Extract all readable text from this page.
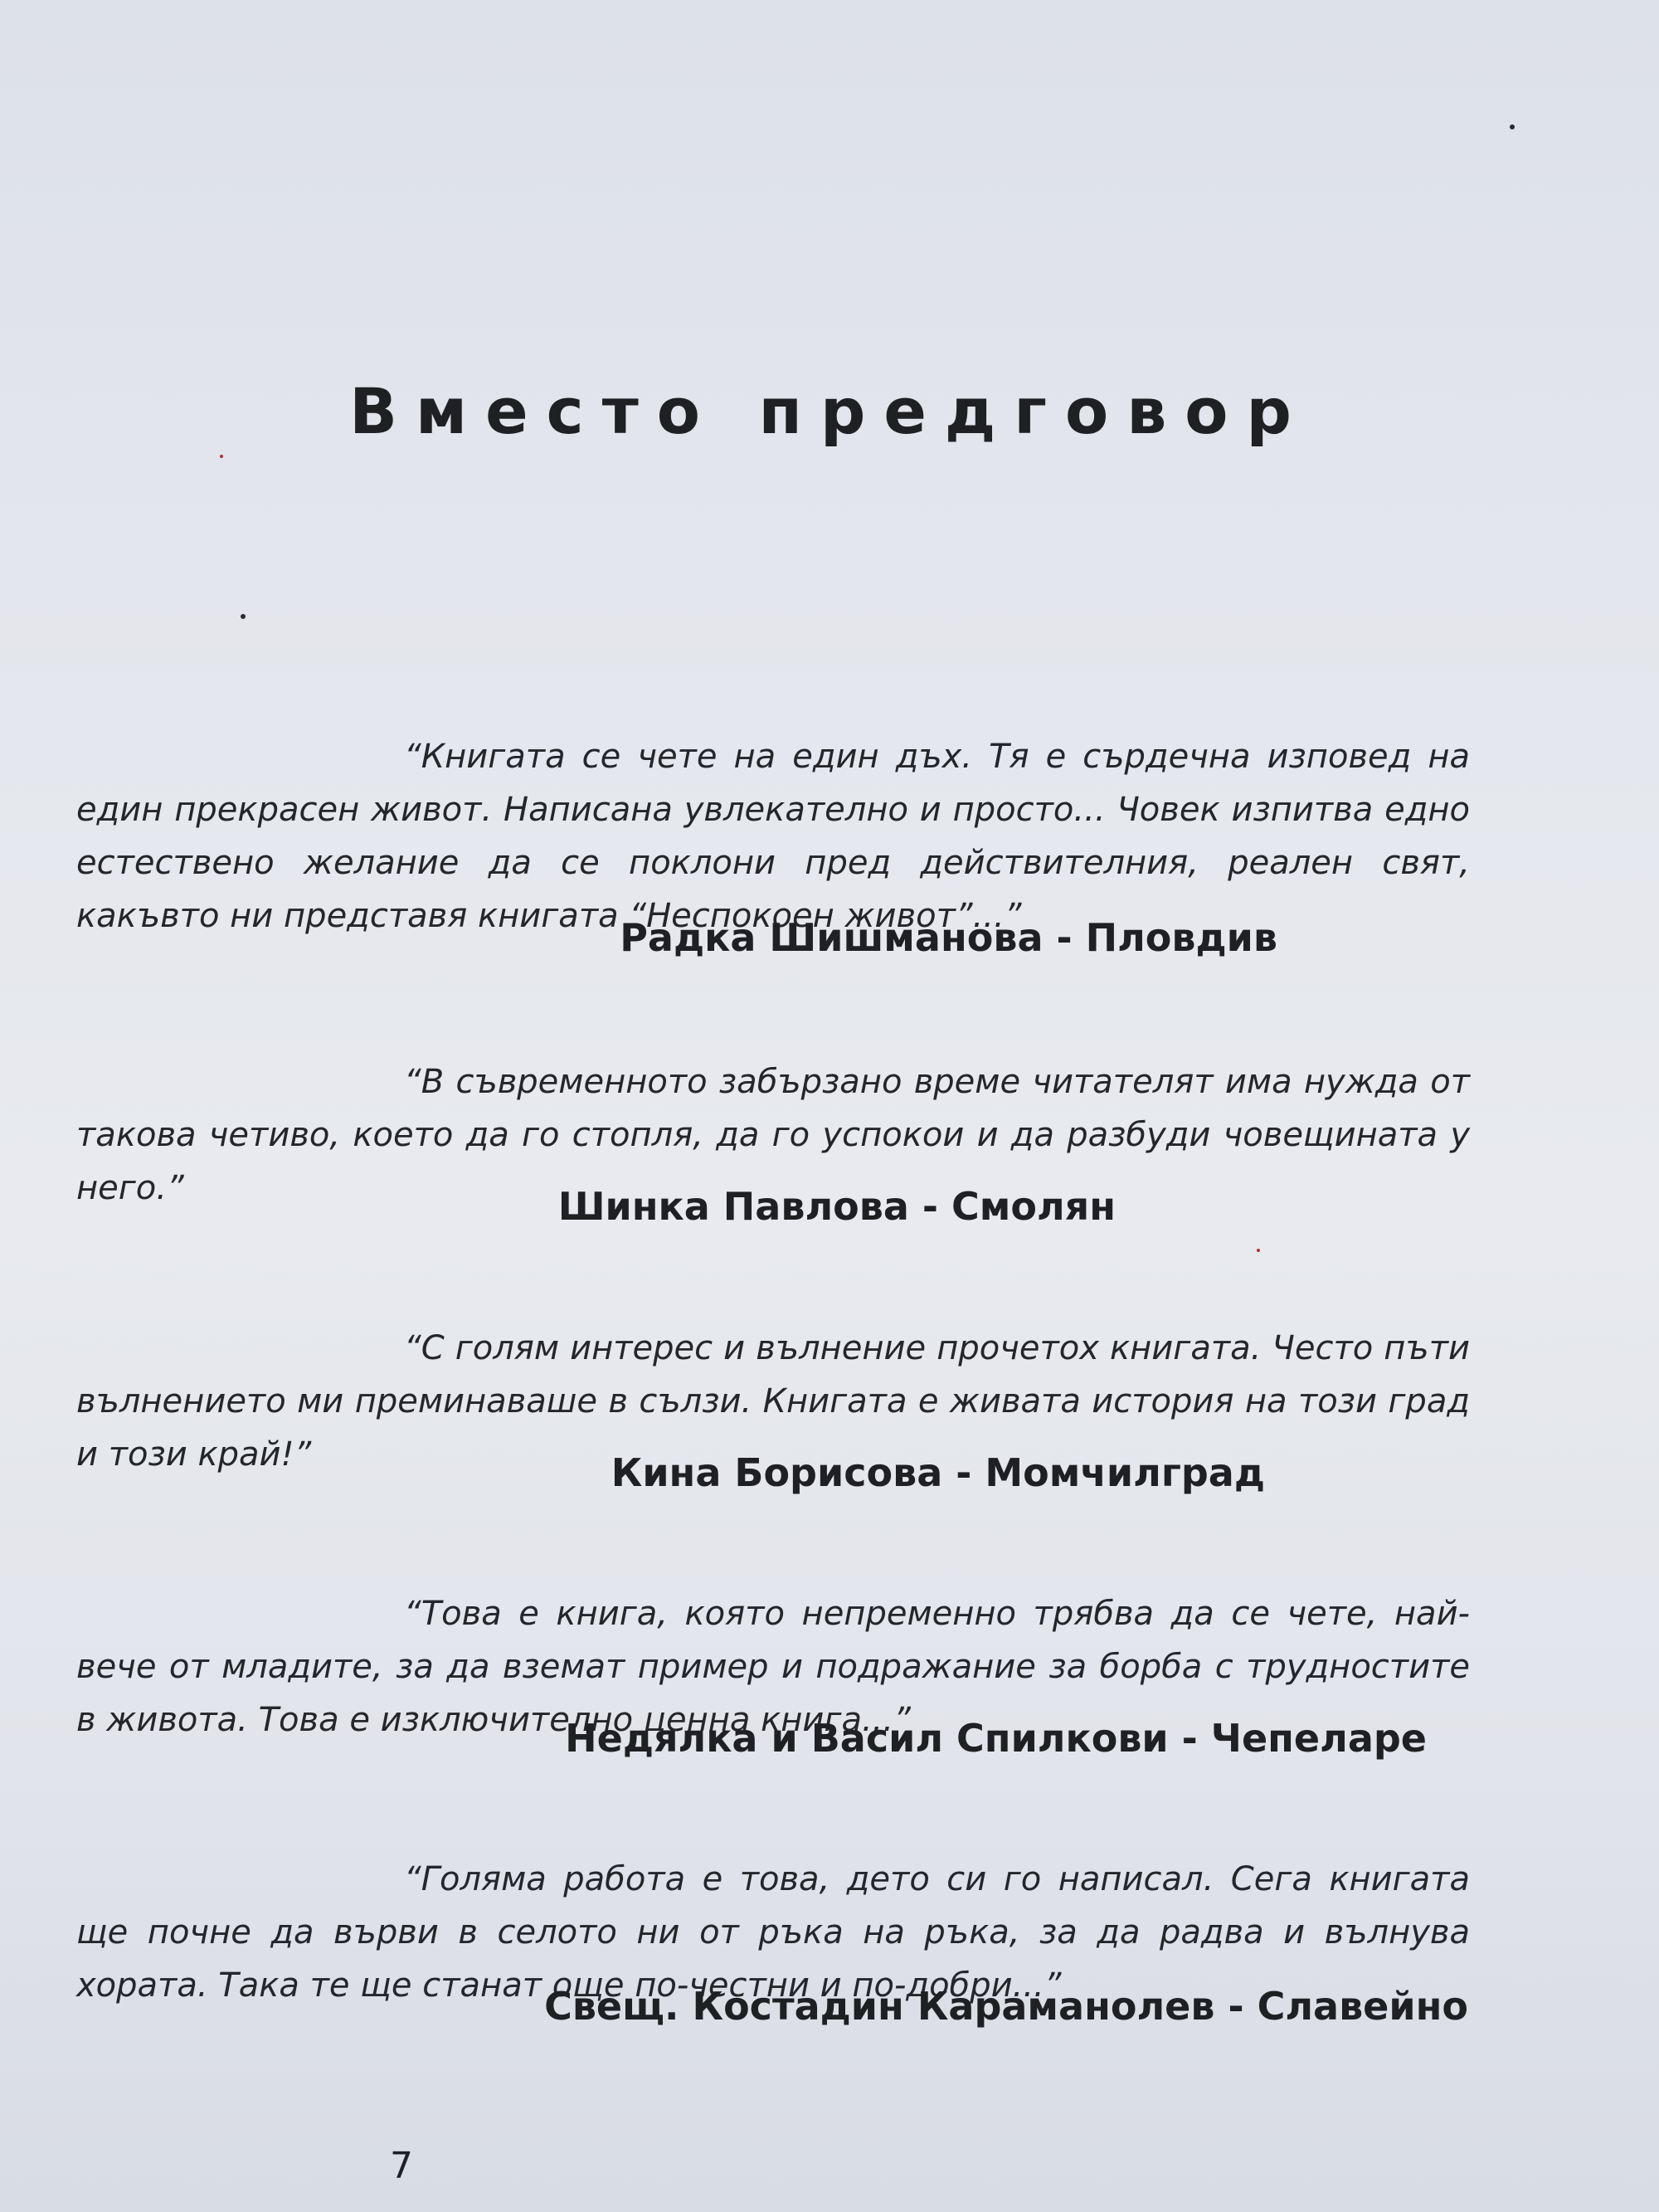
Вместо предговор

“Книгата се чете на един дъх. Тя е сърдечна изповед на един прекрасен живот. Написана увлекателно и просто... Човек изпитва едно естествено желание да се поклони пред действителния, реален свят, какъвто ни представя книгата “Неспокоен живот”...”

Радка Шишманова - Пловдив

“В съвременното забързано време читателят има нужда от такова четиво, което да го стопля, да го успокои и да разбуди човещината у него.”	Шинка Павлова - Смолян

“С голям интерес и вълнение прочетох книгата. Често пъти вълнението ми преминаваше в сълзи. Книгата е живата история на този град и този край!”	Кина Борисова - Момчилград

“Това е книга, която непременно трябва да се чете, най-вече от младите, за да вземат пример и подражание за борба с трудностите в живота. Това е изключително ценна книга...”

Недялка и Васил Спилкови - Чепеларе

“Голяма работа е това, дето си го написал. Сега книгата ще почне да върви в селото ни от ръка на ръка, за да радва и вълнува хората. Така те ще станат още по-честни и по-добри...”

Свещ. Костадин Караманолев - Славейно
7
